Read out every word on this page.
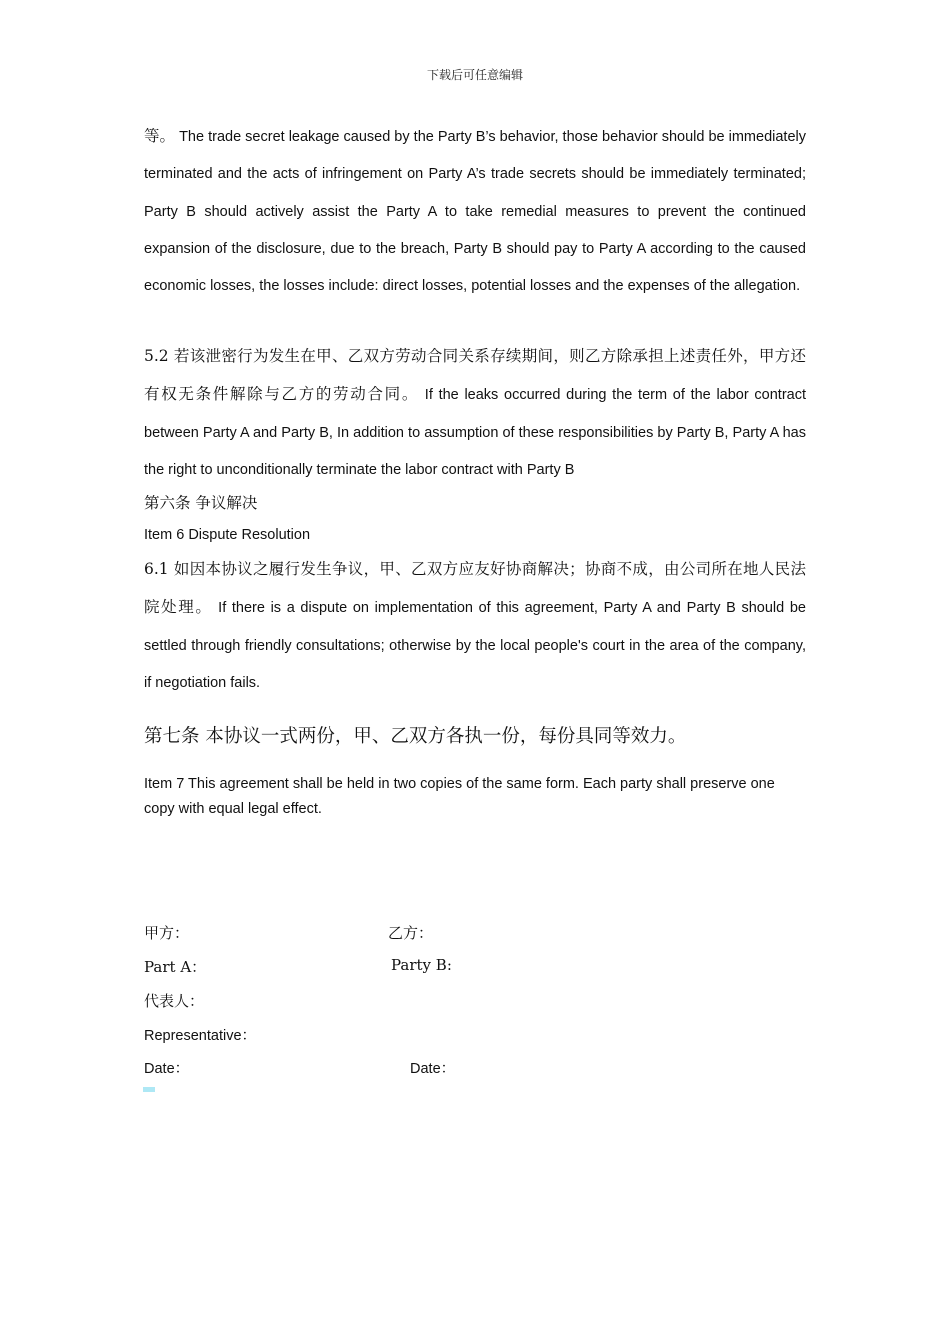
下载后可任意编辑

等。 The trade secret leakage caused by the Party B’s behavior, those behavior should be immediately terminated and the acts of infringement on Party A’s trade secrets should be immediately terminated; Party B should actively assist the Party A to take remedial measures to prevent the continued expansion of the disclosure, due to the breach, Party B should pay to Party A according to the caused economic losses, the losses include: direct losses, potential losses and the expenses of the allegation.

5.2 若该泄密行为发生在甲、乙双方劳动合同关系存续期间，则乙方除承担上述责任外，甲方还有权无条件解除与乙方的劳动合同。 If the leaks occurred during the term of the labor contract between Party A and Party B, In addition to assumption of these responsibilities by Party B, Party A has the right to unconditionally terminate the labor contract with Party B

第六条 争议解决
Item 6 Dispute Resolution

6.1 如因本协议之履行发生争议，甲、乙双方应友好协商解决；协商不成，由公司所在地人民法院处理。 If there is a dispute on implementation of this agreement, Party A and Party B should be settled through friendly consultations; otherwise by the local people's court in the area of the company, if negotiation fails.

第七条 本协议一式两份，甲、乙双方各执一份，每份具同等效力。

Item 7 This agreement shall be held in two copies of the same form. Each party shall preserve one copy with equal legal effect.

甲方：	乙方：
Part A：	Party B:
代表人：
Representative：
Date：	Date：
